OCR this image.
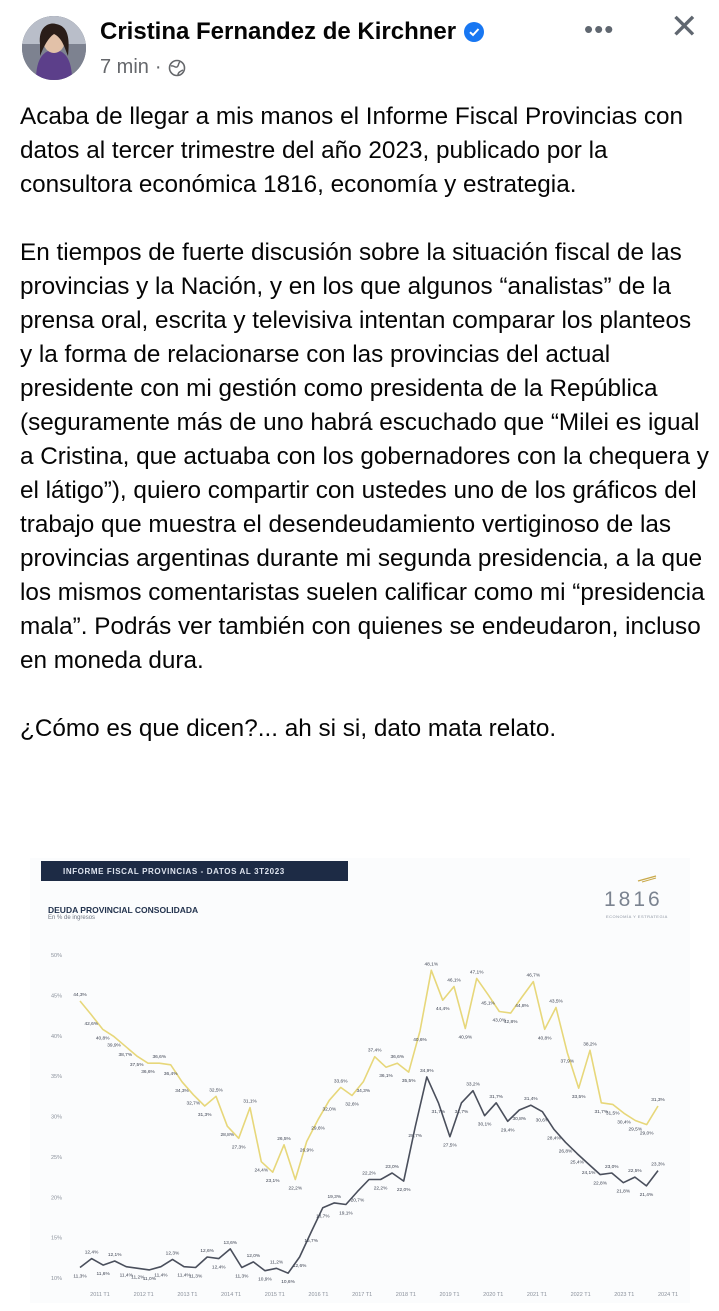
Cristina Fernandez de Kirchner
7 min ·
••• ✕

Acaba de llegar a mis manos el Informe Fiscal Provincias con datos al tercer trimestre del año 2023, publicado por la consultora económica 1816, economía y estrategia.

En tiempos de fuerte discusión sobre la situación fiscal de las provincias y la Nación, y en los que algunos “analistas” de la prensa oral, escrita y televisiva intentan comparar los planteos y la forma de relacionarse con las provincias del actual presidente con mi gestión como presidenta de la República (seguramente más de uno habrá escuchado que “Milei es igual a Cristina, que actuaba con los gobernadores con la chequera y el látigo”), quiero compartir con ustedes uno de los gráficos del trabajo que muestra el desendeudamiento vertiginoso de las provincias argentinas durante mi segunda presidencia, a la que los mismos comentaristas suelen calificar como mi “presidencia mala”. Podrás ver también con quienes se endeudaron, incluso en moneda dura.

¿Cómo es que dicen?... ah si si, dato mata relato.

INFORME FISCAL PROVINCIAS - DATOS AL 3T2023
DEUDA PROVINCIAL CONSOLIDADA
En % de ingresos
1816
ECONOMÍA Y ESTRATEGIA
10%
15%
20%
25%
30%
35%
40%
45%
50%
2011 T1	2012 T1	2013 T1	2014 T1	2015 T1	2016 T1	2017 T1	2018 T1	2019 T1	2020 T1	2021 T1	2022 T1	2023 T1	2024 T1
44,3%
42,6%
40,8%
39,9%
38,7%
37,5%
36,6%
36,6%
36,4%
34,3%
32,7%
31,3%
32,5%
28,8%
27,3%
31,1%
24,4%
23,1%
26,5%
22,2%
26,9%
29,6%
32,0%
33,6%
32,6%
34,3%
37,4%
36,1%
36,6%
35,5%
40,6%
48,1%
44,4%
46,1%
40,9%
47,1%
45,1%
43,0%
42,8%
44,8%
46,7%
40,8%
43,5%
37,9%
33,5%
38,2%
31,7%
31,5%
30,4%
29,5%
29,0%
31,3%
11,3%
12,4%
11,6%
12,1%
11,4%
11,2%
11,0%
11,4%
12,3%
11,4%
11,3%
12,6%
12,4%
13,6%
11,3%
12,0%
10,9%
11,2%
10,6%
12,6%
15,7%
18,7%
19,3%
19,1%
20,7%
22,2%
22,2%
23,0%
22,0%
28,7%
34,9%
31,7%
27,5%
31,7%
33,2%
30,1%
31,7%
29,4%
30,8%
31,4%
30,6%
28,4%
26,8%
25,4%
24,1%
22,8%
23,0%
21,8%
22,5%
21,4%
23,3%
